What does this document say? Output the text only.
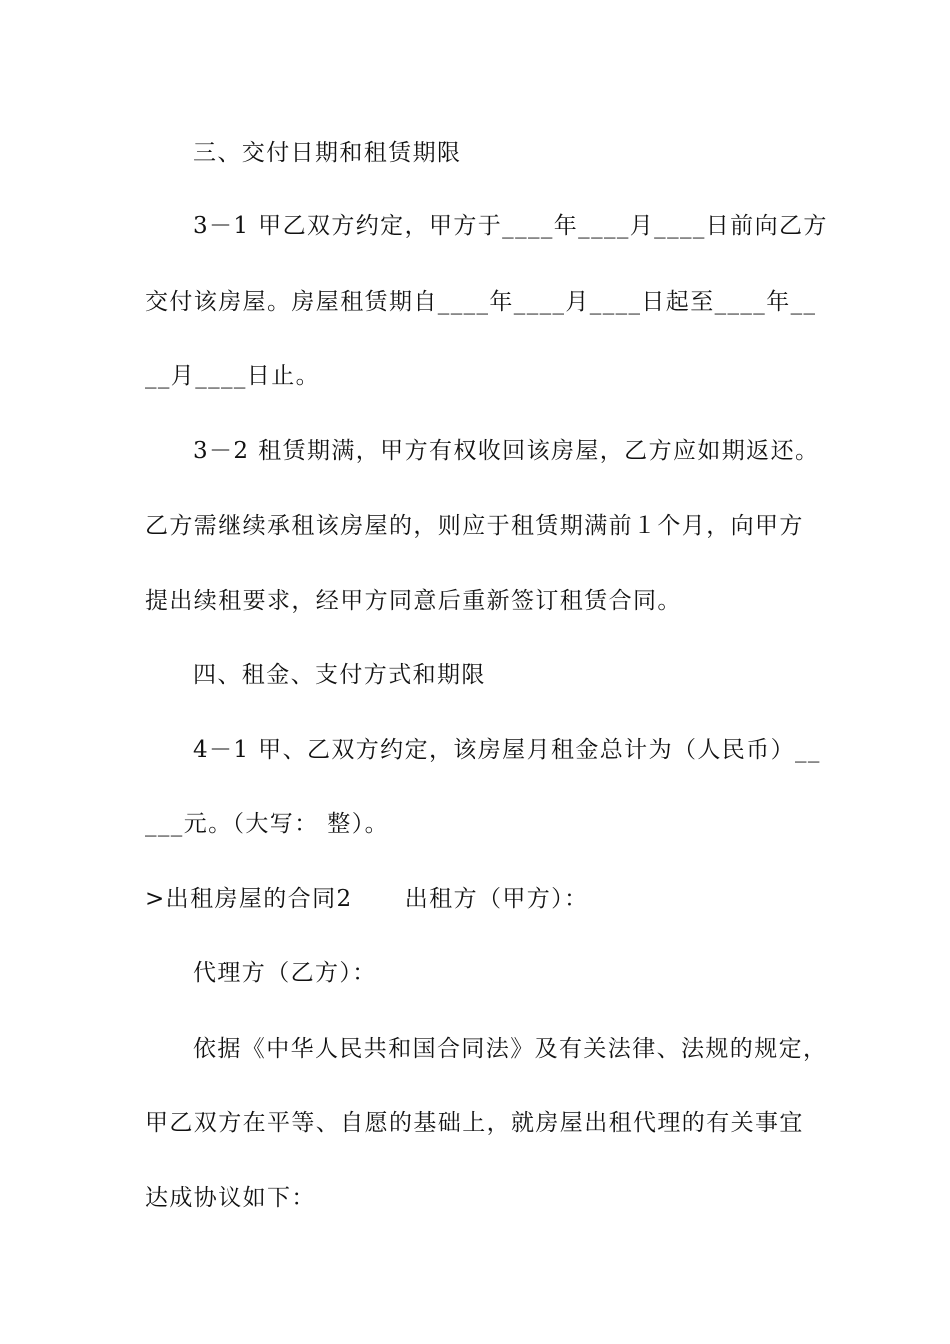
三、交付日期和租赁期限
3－1 甲乙双方约定，甲方于____年____月____日前向乙方
交付该房屋。房屋租赁期自____年____月____日起至____年__
__月____日止。
3－2 租赁期满，甲方有权收回该房屋，乙方应如期返还。
乙方需继续承租该房屋的，则应于租赁期满前１个月，向甲方
提出续租要求，经甲方同意后重新签订租赁合同。
四、租金、支付方式和期限
4－1 甲、乙双方约定，该房屋月租金总计为（人民币）__
___元。（大写： 整）。
>出租房屋的合同2      出租方（甲方）：
代理方（乙方）：
依据《中华人民共和国合同法》及有关法律、法规的规定，
甲乙双方在平等、自愿的基础上，就房屋出租代理的有关事宜
达成协议如下：
